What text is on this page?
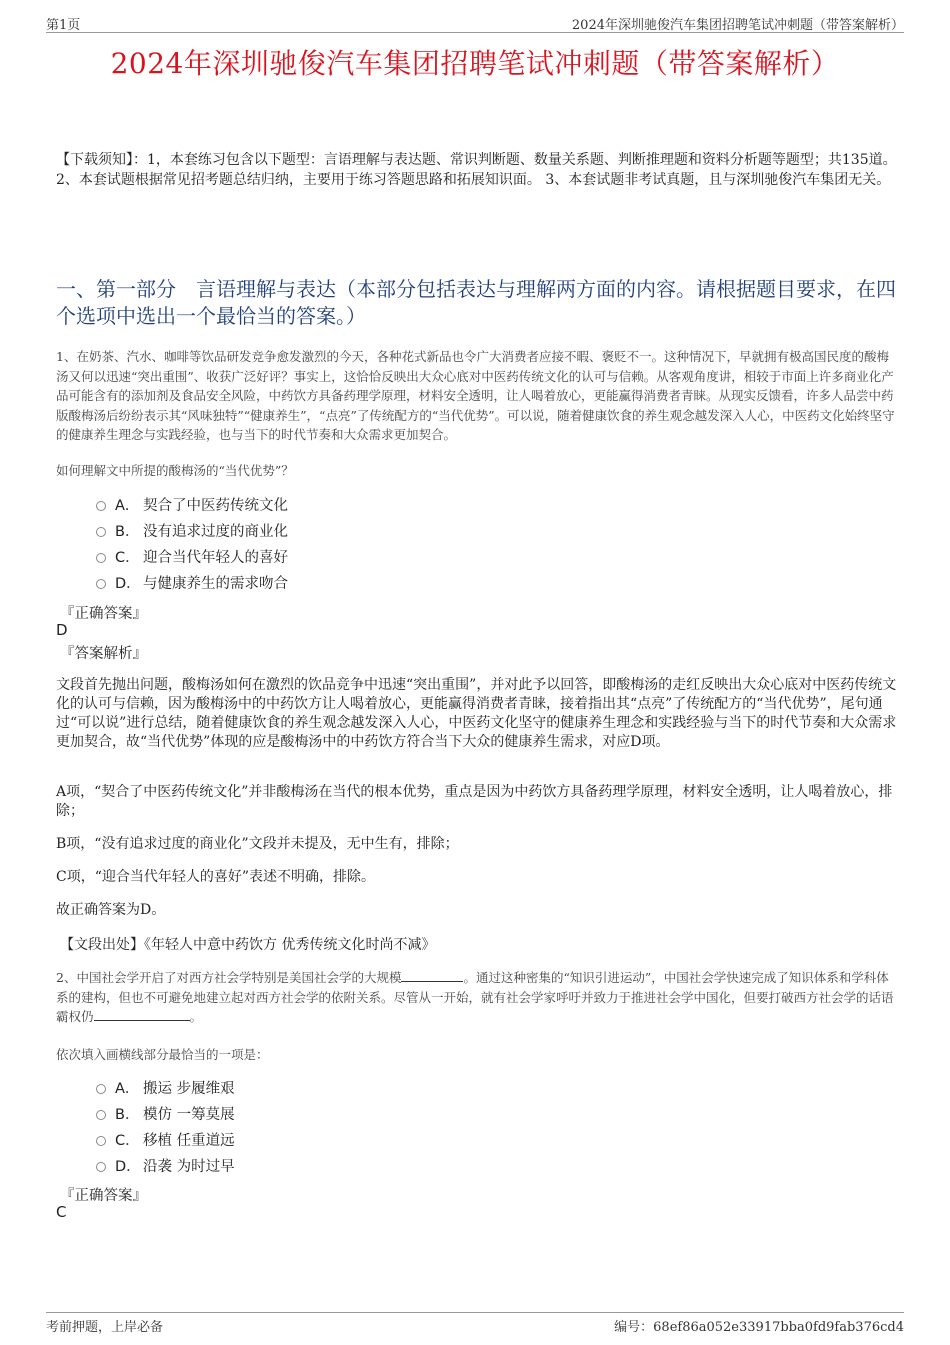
第1页	2024年深圳驰俊汽车集团招聘笔试冲刺题（带答案解析）
2024年深圳驰俊汽车集团招聘笔试冲刺题（带答案解析）
【下载须知】：1，本套练习包含以下题型：言语理解与表达题、常识判断题、数量关系题、判断推理题和资料分析题等题型；共135道。 2、本套试题根据常见招考题总结归纳，主要用于练习答题思路和拓展知识面。 3、本套试题非考试真题，且与深圳驰俊汽车集团无关。
一、第一部分　言语理解与表达（本部分包括表达与理解两方面的内容。请根据题目要求，在四个选项中选出一个最恰当的答案。）
1、在奶茶、汽水、咖啡等饮品研发竞争愈发激烈的今天，各种花式新品也令广大消费者应接不暇、褒贬不一。这种情况下，早就拥有极高国民度的酸梅汤又何以迅速“突出重围”、收获广泛好评？事实上，这恰恰反映出大众心底对中医药传统文化的认可与信赖。从客观角度讲，相较于市面上许多商业化产品可能含有的添加剂及食品安全风险，中药饮方具备药理学原理，材料安全透明，让人喝着放心，更能赢得消费者青睐。从现实反馈看，许多人品尝中药版酸梅汤后纷纷表示其“风味独特”“健康养生”，“点亮”了传统配方的“当代优势”。可以说，随着健康饮食的养生观念越发深入人心，中医药文化始终坚守的健康养生理念与实践经验，也与当下的时代节奏和大众需求更加契合。
如何理解文中所提的酸梅汤的“当代优势”？
A． 契合了中医药传统文化
B． 没有追求过度的商业化
C． 迎合当代年轻人的喜好
D． 与健康养生的需求吻合
『正确答案』
D
『答案解析』
文段首先抛出问题，酸梅汤如何在激烈的饮品竞争中迅速“突出重围”，并对此予以回答，即酸梅汤的走红反映出大众心底对中医药传统文化的认可与信赖，因为酸梅汤中的中药饮方让人喝着放心，更能赢得消费者青睐，接着指出其“点亮”了传统配方的“当代优势”，尾句通过“可以说”进行总结，随着健康饮食的养生观念越发深入人心，中医药文化坚守的健康养生理念和实践经验与当下的时代节奏和大众需求更加契合，故“当代优势”体现的应是酸梅汤中的中药饮方符合当下大众的健康养生需求，对应D项。
A项，“契合了中医药传统文化”并非酸梅汤在当代的根本优势，重点是因为中药饮方具备药理学原理，材料安全透明，让人喝着放心，排除；
B项，“没有追求过度的商业化”文段并未提及，无中生有，排除；
C项，“迎合当代年轻人的喜好”表述不明确，排除。
故正确答案为D。
【文段出处】《年轻人中意中药饮方 优秀传统文化时尚不减》
2、中国社会学开启了对西方社会学特别是美国社会学的大规模	。通过这种密集的“知识引进运动”，中国社会学快速完成了知识体系和学科体系的建构，但也不可避免地建立起对西方社会学的依附关系。尽管从一开始，就有社会学家呼吁并致力于推进社会学中国化，但要打破西方社会学的话语霸权仍	。
依次填入画横线部分最恰当的一项是：
A． 搬运 步履维艰
B． 模仿 一筹莫展
C． 移植 任重道远
D． 沿袭 为时过早
『正确答案』
C
考前押题，上岸必备	编号：68ef86a052e33917bba0fd9fab376cd4
